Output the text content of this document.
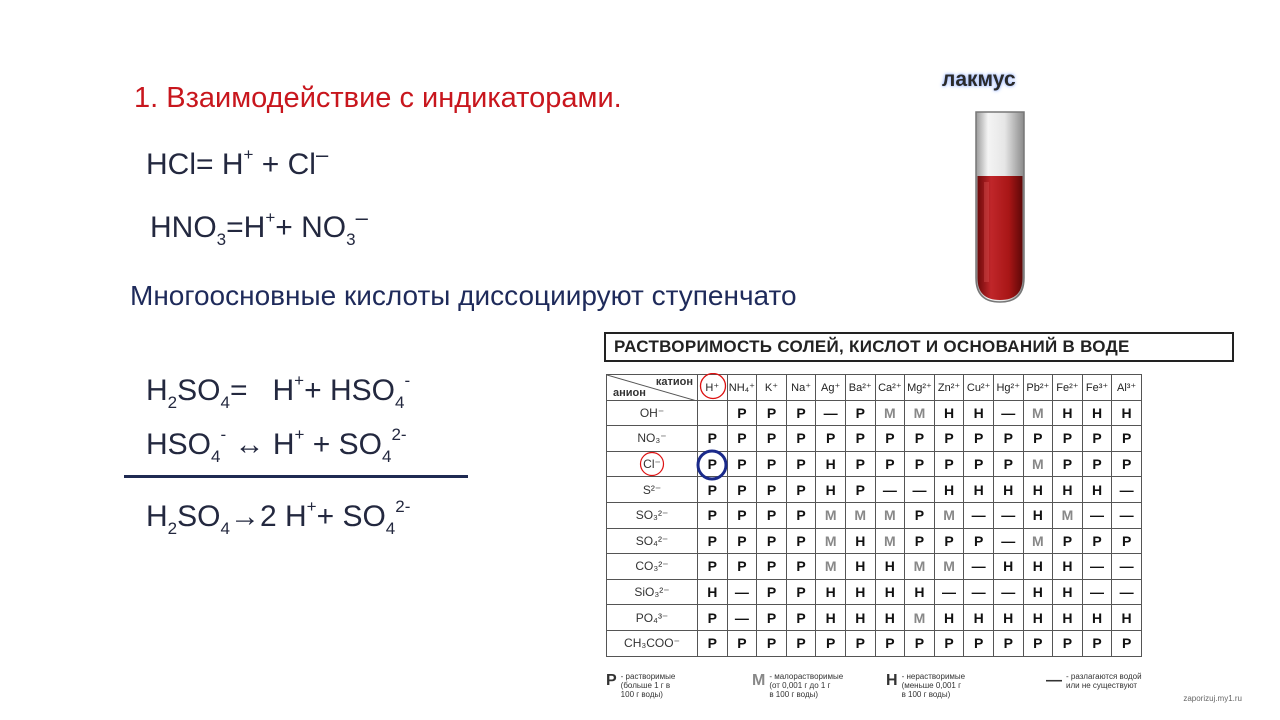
1. Взаимодействие с индикаторами.
HCl= H+ + Cl–
$HNO_3=H^++ NO_3^-$
Многоосновные кислоты диссоциируют ступенчато
$H_2SO_4= H^++ HSO_4^-$
$HSO_4^-$ ↔ $H^+ + SO_4^{2-}$
$H_2SO_4\to 2$ $H^++ SO_4^{2-}$
лакмус
РАСТВОРИМОСТЬ СОЛЕЙ, КИСЛОТ И ОСНОВАНИЙ В ВОДЕ
катион
анион	H⁺	NH₄⁺	K⁺	Na⁺	Ag⁺	Ba²⁺	Ca²⁺	Mg²⁺	Zn²⁺	Cu²⁺	Hg²⁺	Pb²⁺	Fe²⁺	Fe³⁺	Al³⁺
OH⁻		Р	Р	Р	—	Р	М	М	Н	Н	—	М	Н	Н	Н
NO₃⁻	Р	Р	Р	Р	Р	Р	Р	Р	Р	Р	Р	Р	Р	Р	Р
Cl⁻	Р	Р	Р	Р	Н	Р	Р	Р	Р	Р	Р	М	Р	Р	Р
S²⁻	Р	Р	Р	Р	Н	Р	—	—	Н	Н	Н	Н	Н	Н	—
SO₃²⁻	Р	Р	Р	Р	М	М	М	Р	М	—	—	Н	М	—	—
SO₄²⁻	Р	Р	Р	Р	М	Н	М	Р	Р	Р	—	М	Р	Р	Р
CO₃²⁻	Р	Р	Р	Р	М	Н	Н	М	М	—	Н	Н	Н	—	—
SiO₃²⁻	Н	—	Р	Р	Н	Н	Н	Н	—	—	—	Н	Н	—	—
PO₄³⁻	Р	—	Р	Р	Н	Н	Н	М	Н	Н	Н	Н	Н	Н	Н
CH₃COO⁻	Р	Р	Р	Р	Р	Р	Р	Р	Р	Р	Р	Р	Р	Р	Р
zaporizuj.my1.ru
Р - растворимые
(больше 1 г в
100 г воды)
М - малорастворимые
(от 0,001 г до 1 г
в 100 г воды)
Н - нерастворимые
(меньше 0,001 г
в 100 г воды)
— - разлагаются водой
или не существуют
